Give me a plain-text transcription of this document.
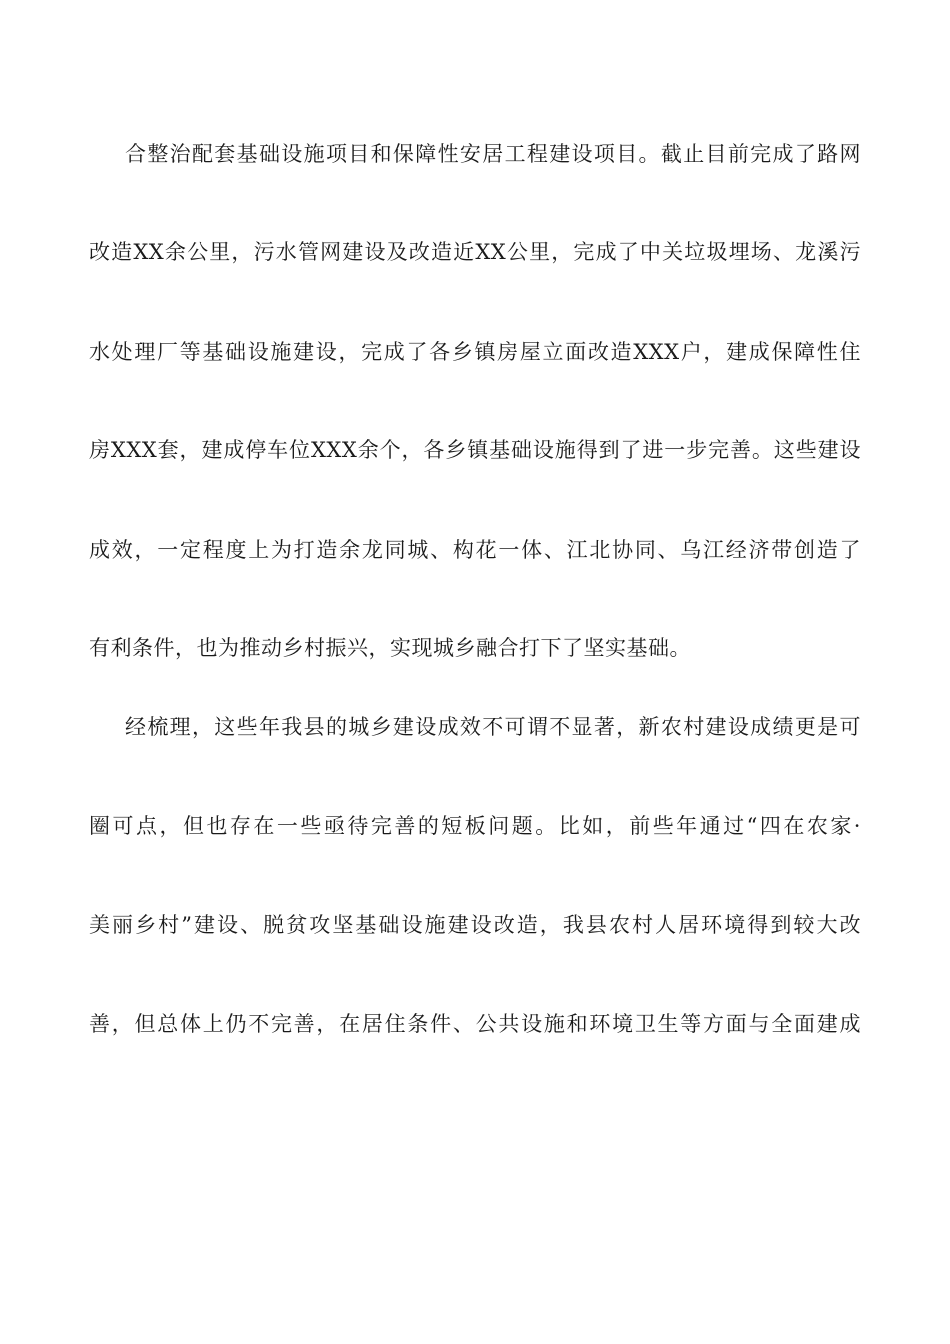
合整治配套基础设施项目和保障性安居工程建设项目。截止目前完成了路网

改造XX余公里，污水管网建设及改造近XX公里，完成了中关垃圾埋场、龙溪污

水处理厂等基础设施建设，完成了各乡镇房屋立面改造XXX户，建成保障性住

房XXX套，建成停车位XXX余个，各乡镇基础设施得到了进一步完善。这些建设

成效，一定程度上为打造余龙同城、构花一体、江北协同、乌江经济带创造了

有利条件，也为推动乡村振兴，实现城乡融合打下了坚实基础。

经梳理，这些年我县的城乡建设成效不可谓不显著，新农村建设成绩更是可

圈可点，但也存在一些亟待完善的短板问题。比如，前些年通过“四在农家·

美丽乡村”建设、脱贫攻坚基础设施建设改造，我县农村人居环境得到较大改

善，但总体上仍不完善，在居住条件、公共设施和环境卫生等方面与全面建成
